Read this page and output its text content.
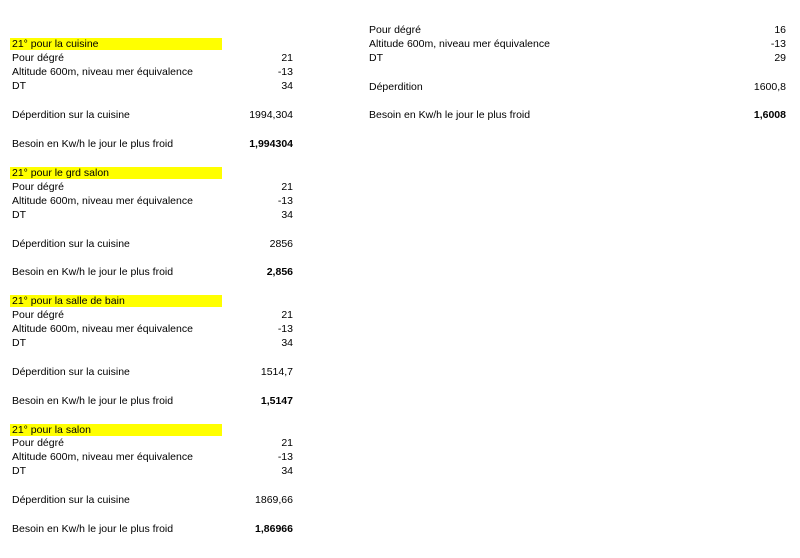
21° pour la cuisine
Pour dégré	21
Altitude 600m, niveau mer équivalence	-13
DT	34
Déperdition sur la cuisine	1994,304
Besoin en Kw/h le jour le plus froid	1,994304
21° pour le grd salon
Pour dégré	21
Altitude 600m, niveau mer équivalence	-13
DT	34
Déperdition sur la cuisine	2856
Besoin en Kw/h le jour le plus froid	2,856
21° pour la salle de bain
Pour dégré	21
Altitude 600m, niveau mer équivalence	-13
DT	34
Déperdition sur la cuisine	1514,7
Besoin en Kw/h le jour le plus froid	1,5147
21° pour la salon
Pour dégré	21
Altitude 600m, niveau mer équivalence	-13
DT	34
Déperdition sur la cuisine	1869,66
Besoin en Kw/h le jour le plus froid	1,86966
Pour dégré	16
Altitude 600m, niveau mer équivalence	-13
DT	29
Déperdition	1600,8
Besoin en Kw/h le jour le plus froid	1,6008
